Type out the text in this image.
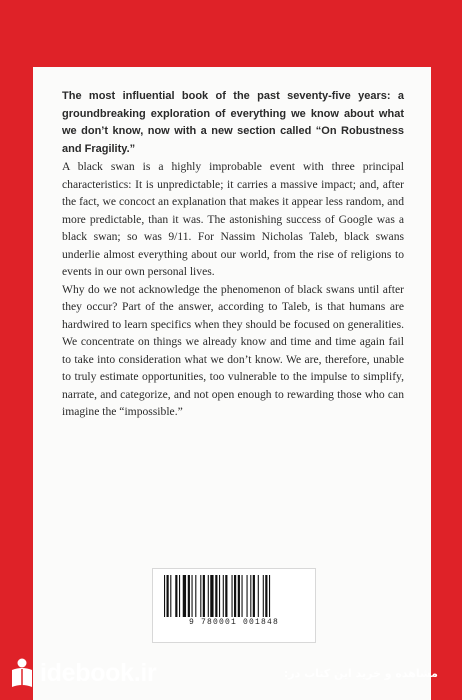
The most influential book of the past seventy-five years: a groundbreaking exploration of everything we know about what we don’t know, now with a new section called “On Robustness and Fragility.”

A black swan is a highly improbable event with three principal characteristics: It is unpredictable; it carries a massive impact; and, after the fact, we concoct an explanation that makes it appear less random, and more predictable, than it was. The astonishing success of Google was a black swan; so was 9/11. For Nassim Nicholas Taleb, black swans underlie almost everything about our world, from the rise of religions to events in our own personal lives.

Why do we not acknowledge the phenomenon of black swans until after they occur? Part of the answer, according to Taleb, is that humans are hardwired to learn specifics when they should be focused on generalities. We concentrate on things we already know and time and time again fail to take into consideration what we don’t know. We are, therefore, unable to truly estimate opportunities, too vulnerable to the impulse to simplify, narrate, and categorize, and not open enough to rewarding those who can imagine the “impossible.”

9 780001 001848
idebook.ir	مشاهده و خرید این کتاب در:
